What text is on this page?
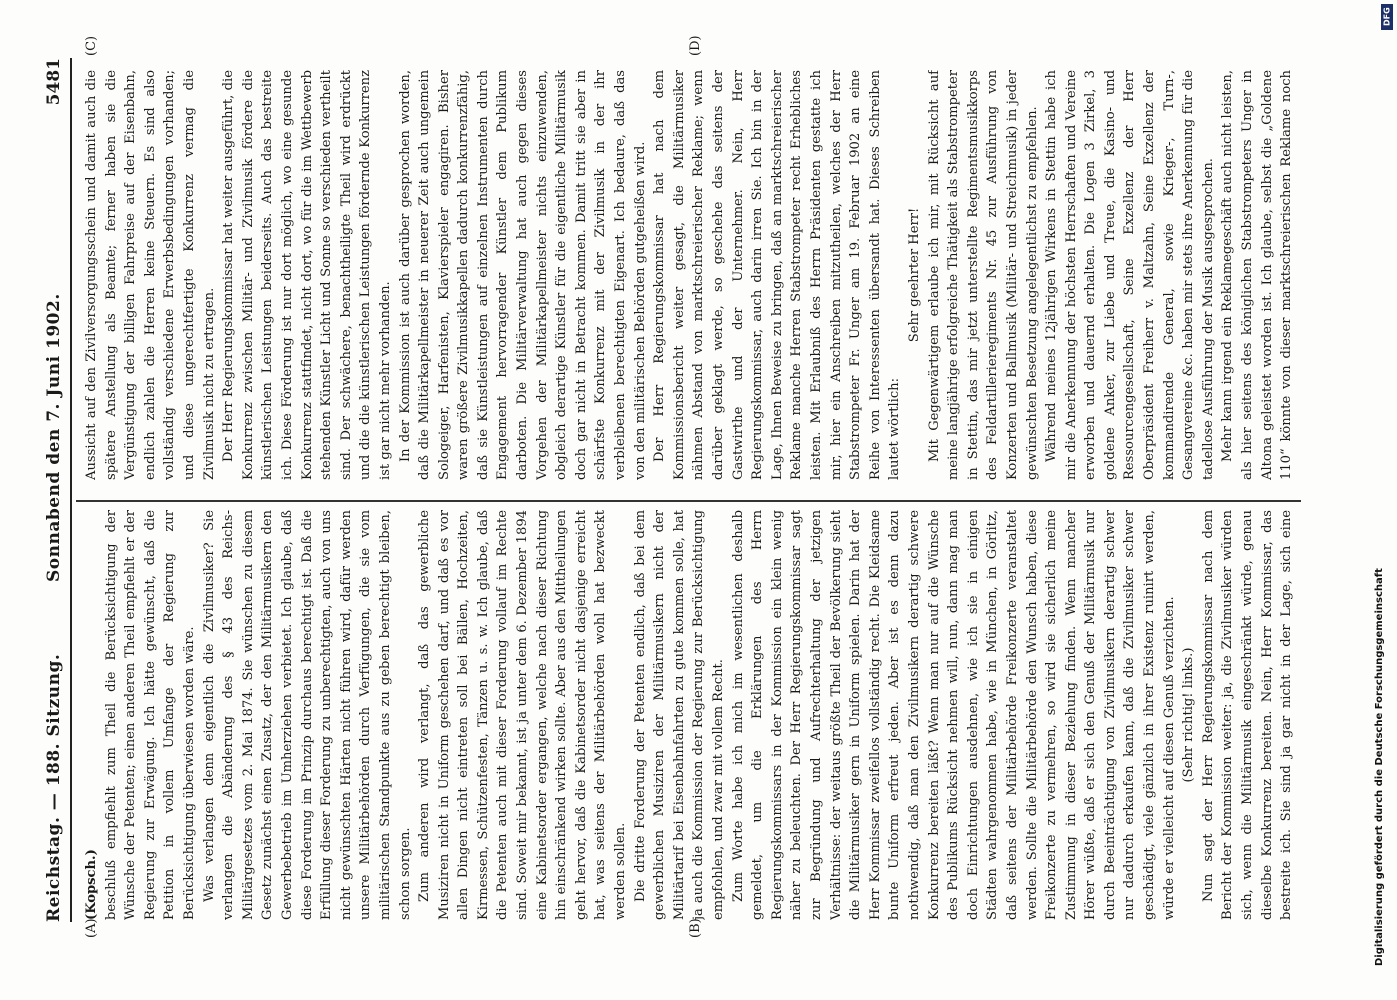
Reichstag. — 188. Sitzung.
Sonnabend den 7. Juni 1902.
5481
(A)	(B)
(C)	(D)

(Kopsch.) beschluß empfiehlt zum Theil die Berücksichtigung der Wünsche der Petenten; einen anderen Theil empfiehlt er der Regierung zur Erwägung. Ich hätte gewünscht, daß die Petition in vollem Umfange der Regierung zur Berücksichtigung überwiesen worden wäre. Was verlangen denn eigentlich die Zivilmusiker? Sie verlangen die Abänderung des § 43 des Reichs-Militärgesetzes vom 2. Mai 1874. Sie wünschen zu diesem Gesetz zunächst einen Zusatz, der den Militärmusikern den Gewerbebetrieb im Umherziehen verbietet. Ich glaube, daß diese Forderung im Prinzip durchaus berechtigt ist. Daß die Erfüllung dieser Forderung zu unberechtigten, auch von uns nicht gewünschten Härten nicht führen wird, dafür werden unsere Militärbehörden durch Verfügungen, die sie vom militärischen Standpunkte aus zu geben berechtigt bleiben, schon sorgen. Zum anderen wird verlangt, daß das gewerbliche Musiziren nicht in Uniform geschehen darf, und daß es vor allen Dingen nicht eintreten soll bei Bällen, Hochzeiten, Kirmessen, Schützenfesten, Tänzen u. s. w. Ich glaube, daß die Petenten auch mit dieser Forderung vollauf im Rechte sind. Soweit mir bekannt, ist ja unter dem 6. Dezember 1894 eine Kabinetsorder ergangen, welche nach dieser Richtung hin einschränkend wirken sollte. Aber aus den Mittheilungen geht hervor, daß die Kabinetsorder nicht dasjenige erreicht hat, was seitens der Militärbehörden wohl hat bezweckt werden sollen. Die dritte Forderung der Petenten endlich, daß bei dem gewerblichen Musiziren der Militärmusikern nicht der Militärtarif bei Eisenbahnfahrten zu gute kommen solle, hat ja auch die Kommission der Regierung zur Berücksichtigung empfohlen, und zwar mit vollem Recht. Zum Worte habe ich mich im wesentlichen deshalb gemeldet, um die Erklärungen des Herrn Regierungskommissars in der Kommission ein klein wenig näher zu beleuchten. Der Herr Regierungskommissar sagt zur Begründung und Aufrechterhaltung der jetzigen Verhältnisse: der weitaus größte Theil der Bevölkerung sieht die Militärmusiker gern in Uniform spielen. Darin hat der Herr Kommissar zweifellos vollständig recht. Die Kleidsame bunte Uniform erfreut jeden. Aber ist es denn dazu nothwendig, daß man den Zivilmusikern derartig schwere Konkurrenz bereiten läßt? Wenn man nur auf die Wünsche des Publikums Rücksicht nehmen will, nun, dann mag man doch Einrichtungen ausdehnen, wie ich sie in einigen Städten wahrgenommen habe, wie in München, in Görlitz, daß seitens der Militärbehörde Freikonzerte veranstaltet werden. Sollte die Militärbehörde den Wunsch haben, diese Freikonzerte zu vermehren, so wird sie sicherlich meine Zustimmung in dieser Beziehung finden. Wenn mancher Hörer wüßte, daß er sich den Genuß der Militärmusik nur durch Beeinträchtigung von Zivilmusikern derartig schwer nur dadurch erkaufen kann, daß die Zivilmusiker schwer geschädigt, viele gänzlich in ihrer Existenz ruinirt werden, würde er vielleicht auf diesen Genuß verzichten. (Sehr richtig! links.)

Nun sagt der Herr Regierungskommissar nach dem Bericht der Kommission weiter: ja, die Zivilmusiker würden sich, wenn die Militärmusik eingeschränkt würde, genau dieselbe Konkurrenz bereiten. Nein, Herr Kommissar, das bestreite ich. Sie sind ja gar nicht in der Lage, sich eine

Aussicht auf den Zivilversorgungsschein und damit auch die spätere Anstellung als Beamte; ferner haben sie die Vergünstigung der billigen Fahrpreise auf der Eisenbahn, endlich zahlen die Herren keine Steuern. Es sind also vollständig verschiedene Erwerbsbedingungen vorhanden; und diese ungerechtfertigte Konkurrenz vermag die Zivilmusik nicht zu ertragen. Der Herr Regierungskommissar hat weiter ausgeführt, die Konkurrenz zwischen Militär- und Zivilmusik fördere die künstlerischen Leistungen beiderseits. Auch das bestreite ich. Diese Förderung ist nur dort möglich, wo eine gesunde Konkurrenz stattfindet, nicht dort, wo für die im Wettbewerb stehenden Künstler Licht und Sonne so verschieden vertheilt sind. Der schwächere, benachtheiligte Theil wird erdrückt und die die künstlerischen Leistungen fördernde Konkurrenz ist gar nicht mehr vorhanden. In der Kommission ist auch darüber gesprochen worden, daß die Militärkapellmeister in neuerer Zeit auch ungemein Sologeiger, Harfenisten, Klavierspieler engagiren. Bisher waren größere Zivilmusikkapellen dadurch konkurrenzfähig, daß sie Künstleistungen auf einzelnen Instrumenten durch Engagement hervorragender Künstler dem Publikum darboten. Die Militärverwaltung hat auch gegen dieses Vorgehen der Militärkapellmeister nichts einzuwenden, obgleich derartige Künstler für die eigentliche Militärmusik doch gar nicht in Betracht kommen. Damit tritt sie aber in schärfste Konkurrenz mit der Zivilmusik in der ihr verbleibenen berechtigten Eigenart. Ich bedaure, daß das von den militärischen Behörden gutgeheißen wird. Der Herr Regierungskommissar hat nach dem Kommissionsbericht weiter gesagt, die Militärmusiker nähmen Abstand von marktschreierischer Reklame; wenn darüber geklagt werde, so geschehe das seitens der Gastwirthe und der Unternehmer. Nein, Herr Regierungskommissar, auch darin irren Sie. Ich bin in der Lage, Ihnen Beweise zu bringen, daß an marktschreierischer Reklame manche Herren Stabstrompeter recht Erhebliches leisten. Mit Erlaubniß des Herrn Präsidenten gestatte ich mir, hier ein Anschreiben mitzutheilen, welches der Herr Stabstrompeter Fr. Unger am 19. Februar 1902 an eine Reihe von Interessenten übersandt hat. Dieses Schreiben lautet wörtlich:

Sehr geehrter Herr! Mit Gegenwärtigem erlaube ich mir, mit Rücksicht auf meine langjährige erfolgreiche Thätigkeit als Stabstrompeter in Stettin, das mir jetzt unterstellte Regimentsmusikkorps des Feldartillerieregiments Nr. 45 zur Ausführung von Konzerten und Ballmusik (Militär- und Streichmusik) in jeder gewünschten Besetzung angelegentlichst zu empfehlen. Während meines 12jährigen Wirkens in Stettin habe ich mir die Anerkennung der höchsten Herrschaften und Vereine erworben und dauernd erhalten. Die Logen 3 Zirkel, 3 goldene Anker, zur Liebe und Treue, die Kasino- und Ressourcengesellschaft, Seine Exzellenz der Herr Oberpräsident Freiherr v. Maltzahn, Seine Exzellenz der kommandirende General, sowie Krieger-, Turn-, Gesangvereine &c. haben mir stets ihre Anerkennung für die tadellose Ausführung der Musik ausgesprochen. Mehr kann irgend ein Reklamegeschäft auch nicht leisten, als hier seitens des königlichen Stabstrompeters Unger in Altona geleistet worden ist. Ich glaube, selbst die „Goldene 110“ könnte von dieser marktschreierischen Reklame noch

Digitalisierung gefördert durch die Deutsche Forschungsgemeinschaft
DFG
